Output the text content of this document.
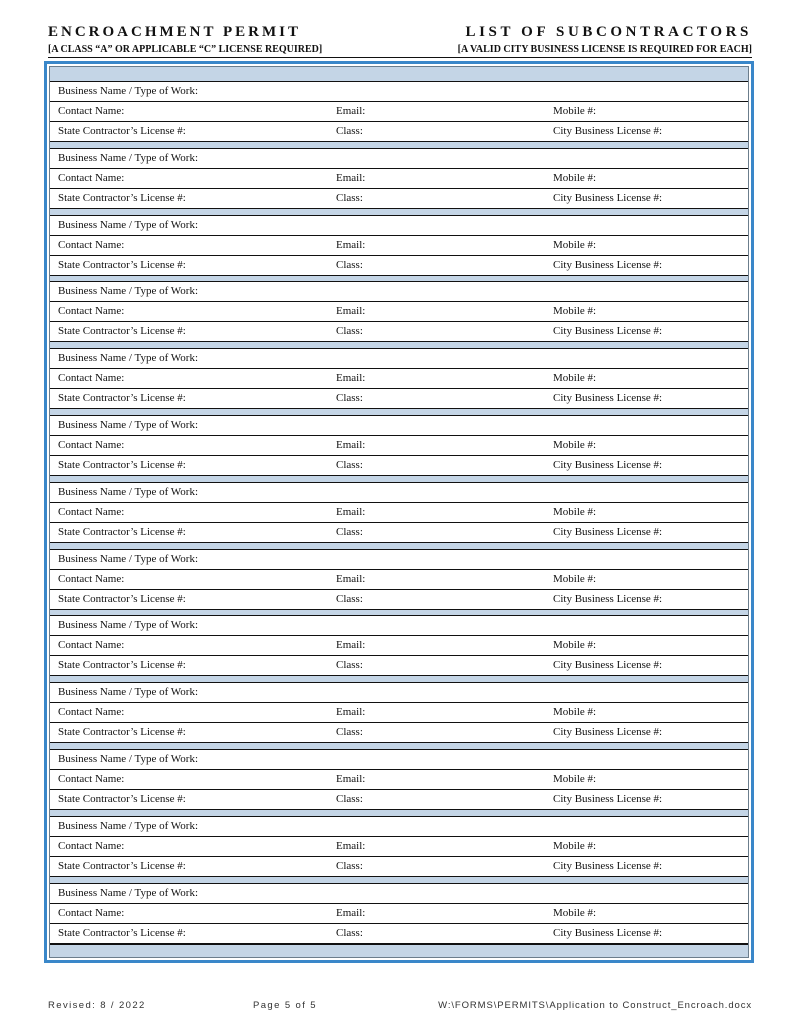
ENCROACHMENT PERMIT	LIST OF SUBCONTRACTORS
[A CLASS “A” OR APPLICABLE “C” LICENSE REQUIRED]	[A VALID CITY BUSINESS LICENSE IS REQUIRED FOR EACH]
Business Name / Type of Work:
Contact Name:	Email:	Mobile #:
State Contractor’s License #:	Class:	City Business License #:
Business Name / Type of Work:
Contact Name:	Email:	Mobile #:
State Contractor’s License #:	Class:	City Business License #:
Business Name / Type of Work:
Contact Name:	Email:	Mobile #:
State Contractor’s License #:	Class:	City Business License #:
Business Name / Type of Work:
Contact Name:	Email:	Mobile #:
State Contractor’s License #:	Class:	City Business License #:
Business Name / Type of Work:
Contact Name:	Email:	Mobile #:
State Contractor’s License #:	Class:	City Business License #:
Business Name / Type of Work:
Contact Name:	Email:	Mobile #:
State Contractor’s License #:	Class:	City Business License #:
Business Name / Type of Work:
Contact Name:	Email:	Mobile #:
State Contractor’s License #:	Class:	City Business License #:
Business Name / Type of Work:
Contact Name:	Email:	Mobile #:
State Contractor’s License #:	Class:	City Business License #:
Business Name / Type of Work:
Contact Name:	Email:	Mobile #:
State Contractor’s License #:	Class:	City Business License #:
Business Name / Type of Work:
Contact Name:	Email:	Mobile #:
State Contractor’s License #:	Class:	City Business License #:
Business Name / Type of Work:
Contact Name:	Email:	Mobile #:
State Contractor’s License #:	Class:	City Business License #:
Business Name / Type of Work:
Contact Name:	Email:	Mobile #:
State Contractor’s License #:	Class:	City Business License #:
Business Name / Type of Work:
Contact Name:	Email:	Mobile #:
State Contractor’s License #:	Class:	City Business License #:
Revised: 8 / 2022	Page 5 of 5	W:\FORMS\PERMITS\Application to Construct_Encroach.docx
